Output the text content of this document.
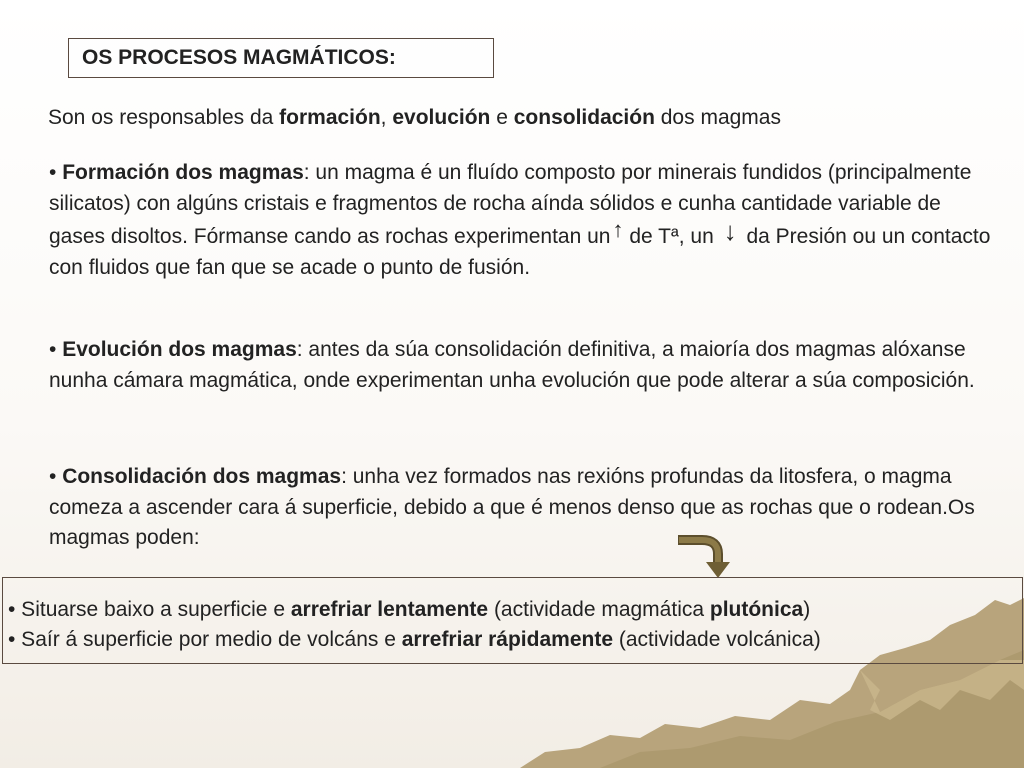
OS PROCESOS MAGMÁTICOS:
Son os responsables da formación, evolución e consolidación dos magmas
• Formación dos magmas: un magma é un fluído composto por minerais fundidos (principalmente silicatos) con algúns cristais e fragmentos de rocha aínda sólidos e cunha cantidade variable de gases disoltos. Fórmanse cando as rochas experimentan un↑ de Tª, un ↓ da Presión ou un contacto con fluidos que fan que se acade o punto de fusión.
• Evolución dos magmas: antes da súa consolidación definitiva, a maioría dos magmas alóxanse nunha cámara magmática, onde experimentan unha evolución que pode alterar a súa composición.
• Consolidación dos magmas: unha vez formados nas rexións profundas da litosfera, o magma comeza a ascender cara á superficie, debido a que é menos denso que as rochas que o rodean.Os magmas poden:
• Situarse baixo a superficie e arrefriar lentamente (actividade magmática plutónica)
• Saír á superficie por medio de volcáns e arrefriar rápidamente (actividade volcánica)
